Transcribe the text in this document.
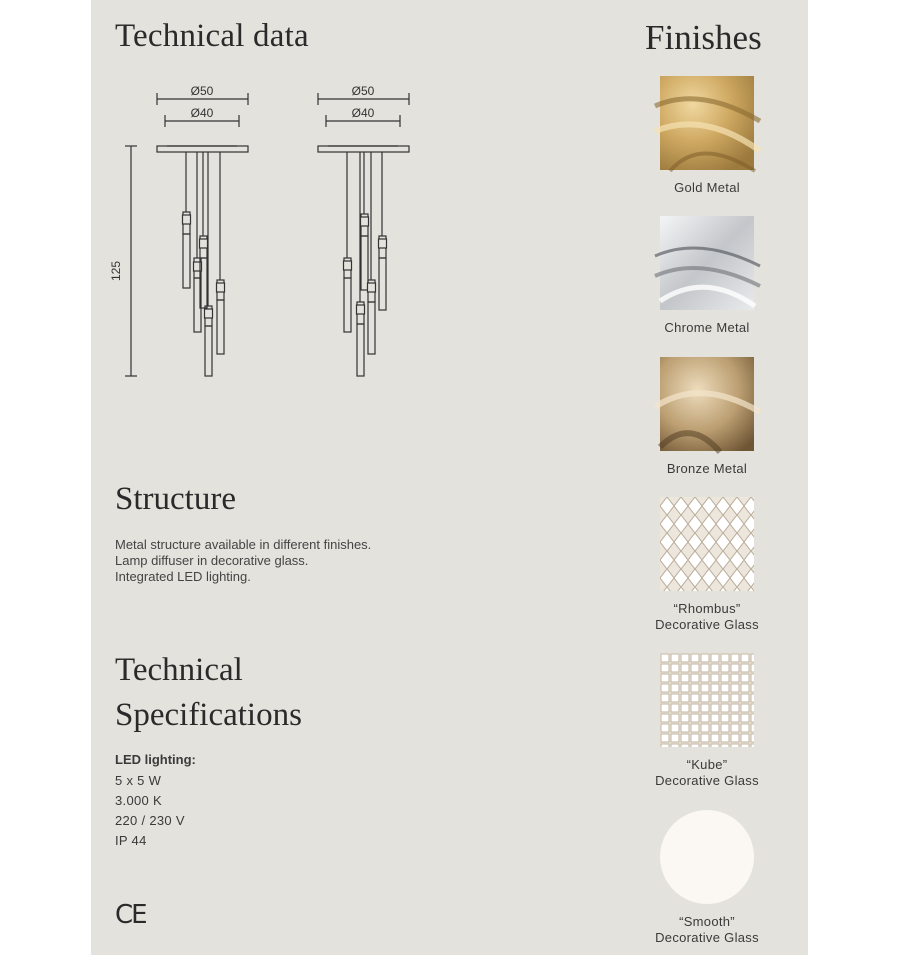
Technical data	Finishes
Ø50
Ø40
125
Ø50
Ø40
Structure

Metal structure available in different finishes.
Lamp diffuser in decorative glass.
Integrated LED lighting.

Technical
Specifications
LED lighting:
5 x 5 W
3.000 K
220 / 230 V
IP 44
CE
Gold Metal
Chrome Metal
Bronze Metal
“Rhombus”
Decorative Glass
“Kube”
Decorative Glass
“Smooth”
Decorative Glass
